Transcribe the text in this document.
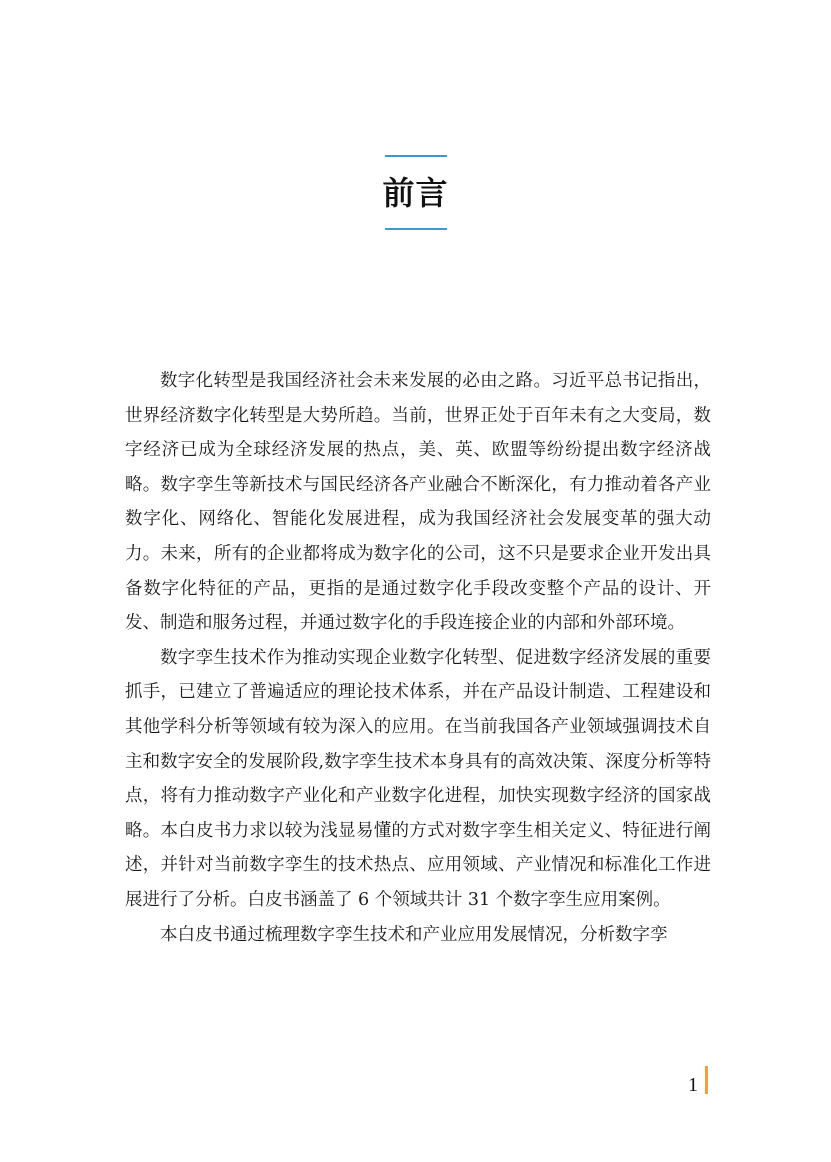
前言

数字化转型是我国经济社会未来发展的必由之路。习近平总书记指出，世界经济数字化转型是大势所趋。当前，世界正处于百年未有之大变局，数字经济已成为全球经济发展的热点，美、英、欧盟等纷纷提出数字经济战略。数字孪生等新技术与国民经济各产业融合不断深化，有力推动着各产业数字化、网络化、智能化发展进程，成为我国经济社会发展变革的强大动力。未来，所有的企业都将成为数字化的公司，这不只是要求企业开发出具备数字化特征的产品，更指的是通过数字化手段改变整个产品的设计、开发、制造和服务过程，并通过数字化的手段连接企业的内部和外部环境。

数字孪生技术作为推动实现企业数字化转型、促进数字经济发展的重要抓手，已建立了普遍适应的理论技术体系，并在产品设计制造、工程建设和其他学科分析等领域有较为深入的应用。在当前我国各产业领域强调技术自主和数字安全的发展阶段,数字孪生技术本身具有的高效决策、深度分析等特点，将有力推动数字产业化和产业数字化进程，加快实现数字经济的国家战略。本白皮书力求以较为浅显易懂的方式对数字孪生相关定义、特征进行阐述，并针对当前数字孪生的技术热点、应用领域、产业情况和标准化工作进展进行了分析。白皮书涵盖了 6 个领域共计 31 个数字孪生应用案例。

本白皮书通过梳理数字孪生技术和产业应用发展情况，分析数字孪

1
